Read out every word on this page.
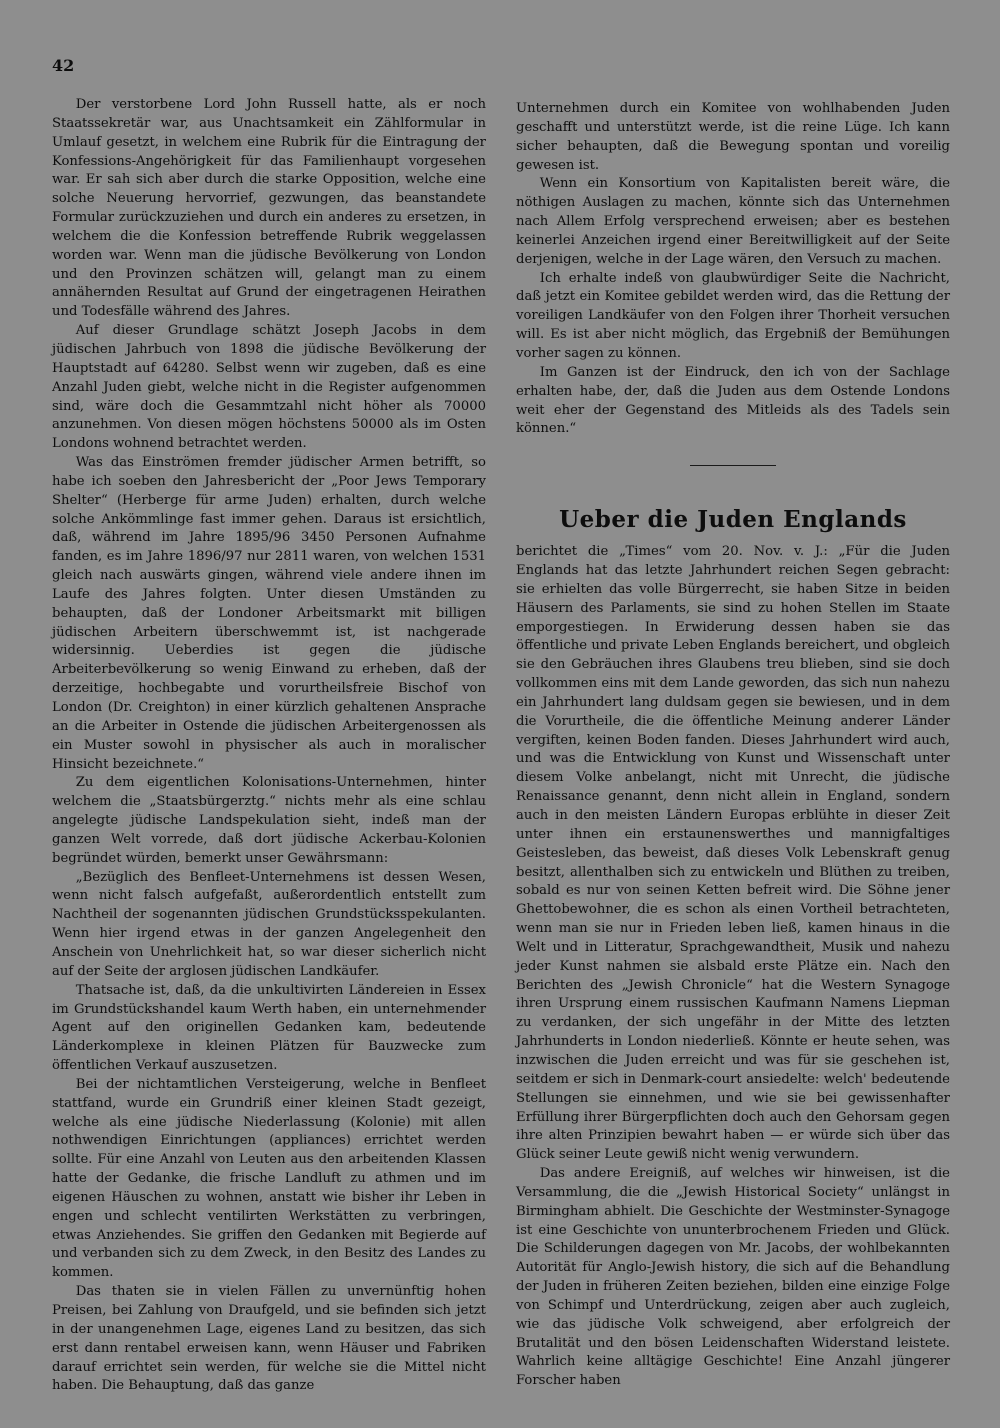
42

Der verstorbene Lord John Russell hatte, als er noch Staatssekretär war, aus Unachtsamkeit ein Zählformular in Umlauf gesetzt, in welchem eine Rubrik für die Eintragung der Konfessions-Angehörigkeit für das Familienhaupt vorgesehen war. Er sah sich aber durch die starke Opposition, welche eine solche Neuerung hervorrief, gezwungen, das beanstandete Formular zurückzuziehen und durch ein anderes zu ersetzen, in welchem die die Konfession betreffende Rubrik weggelassen worden war. Wenn man die jüdische Bevölkerung von London und den Provinzen schätzen will, gelangt man zu einem annähernden Resultat auf Grund der eingetragenen Heirathen und Todesfälle während des Jahres.

Auf dieser Grundlage schätzt Joseph Jacobs in dem jüdischen Jahrbuch von 1898 die jüdische Bevölkerung der Hauptstadt auf 64280. Selbst wenn wir zugeben, daß es eine Anzahl Juden giebt, welche nicht in die Register aufgenommen sind, wäre doch die Gesammtzahl nicht höher als 70000 anzunehmen. Von diesen mögen höchstens 50000 als im Osten Londons wohnend betrachtet werden.

Was das Einströmen fremder jüdischer Armen betrifft, so habe ich soeben den Jahresbericht der „Poor Jews Temporary Shelter“ (Herberge für arme Juden) erhalten, durch welche solche Ankömmlinge fast immer gehen. Daraus ist ersichtlich, daß, während im Jahre 1895/96 3450 Personen Aufnahme fanden, es im Jahre 1896/97 nur 2811 waren, von welchen 1531 gleich nach auswärts gingen, während viele andere ihnen im Laufe des Jahres folgten. Unter diesen Umständen zu behaupten, daß der Londoner Arbeitsmarkt mit billigen jüdischen Arbeitern überschwemmt ist, ist nachgerade widersinnig. Ueberdies ist gegen die jüdische Arbeiterbevölkerung so wenig Einwand zu erheben, daß der derzeitige, hochbegabte und vorurtheilsfreie Bischof von London (Dr. Creighton) in einer kürzlich gehaltenen Ansprache an die Arbeiter in Ostende die jüdischen Arbeitergenossen als ein Muster sowohl in physischer als auch in moralischer Hinsicht bezeichnete.“

Zu dem eigentlichen Kolonisations-Unternehmen, hinter welchem die „Staatsbürgerztg.“ nichts mehr als eine schlau angelegte jüdische Landspekulation sieht, indeß man der ganzen Welt vorrede, daß dort jüdische Ackerbau-Kolonien begründet würden, bemerkt unser Gewährsmann:

„Bezüglich des Benfleet-Unternehmens ist dessen Wesen, wenn nicht falsch aufgefaßt, außerordentlich entstellt zum Nachtheil der sogenannten jüdischen Grundstücksspekulanten. Wenn hier irgend etwas in der ganzen Angelegenheit den Anschein von Unehrlichkeit hat, so war dieser sicherlich nicht auf der Seite der arglosen jüdischen Landkäufer.

Thatsache ist, daß, da die unkultivirten Ländereien in Essex im Grundstückshandel kaum Werth haben, ein unternehmender Agent auf den originellen Gedanken kam, bedeutende Länderkomplexe in kleinen Plätzen für Bauzwecke zum öffentlichen Verkauf auszusetzen.

Bei der nichtamtlichen Versteigerung, welche in Benfleet stattfand, wurde ein Grundriß einer kleinen Stadt gezeigt, welche als eine jüdische Niederlassung (Kolonie) mit allen nothwendigen Einrichtungen (appliances) errichtet werden sollte. Für eine Anzahl von Leuten aus den arbeitenden Klassen hatte der Gedanke, die frische Landluft zu athmen und im eigenen Häuschen zu wohnen, anstatt wie bisher ihr Leben in engen und schlecht ventilirten Werkstätten zu verbringen, etwas Anziehendes. Sie griffen den Gedanken mit Begierde auf und verbanden sich zu dem Zweck, in den Besitz des Landes zu kommen.

Das thaten sie in vielen Fällen zu unvernünftig hohen Preisen, bei Zahlung von Draufgeld, und sie befinden sich jetzt in der unangenehmen Lage, eigenes Land zu besitzen, das sich erst dann rentabel erweisen kann, wenn Häuser und Fabriken darauf errichtet sein werden, für welche sie die Mittel nicht haben. Die Behauptung, daß das ganze

Unternehmen durch ein Komitee von wohlhabenden Juden geschafft und unterstützt werde, ist die reine Lüge. Ich kann sicher behaupten, daß die Bewegung spontan und voreilig gewesen ist.

Wenn ein Konsortium von Kapitalisten bereit wäre, die nöthigen Auslagen zu machen, könnte sich das Unternehmen nach Allem Erfolg versprechend erweisen; aber es bestehen keinerlei Anzeichen irgend einer Bereitwilligkeit auf der Seite derjenigen, welche in der Lage wären, den Versuch zu machen.

Ich erhalte indeß von glaubwürdiger Seite die Nachricht, daß jetzt ein Komitee gebildet werden wird, das die Rettung der voreiligen Landkäufer von den Folgen ihrer Thorheit versuchen will. Es ist aber nicht möglich, das Ergebniß der Bemühungen vorher sagen zu können.

Im Ganzen ist der Eindruck, den ich von der Sachlage erhalten habe, der, daß die Juden aus dem Ostende Londons weit eher der Gegenstand des Mitleids als des Tadels sein können.“

Ueber die Juden Englands

berichtet die „Times“ vom 20. Nov. v. J.: „Für die Juden Englands hat das letzte Jahrhundert reichen Segen gebracht: sie erhielten das volle Bürgerrecht, sie haben Sitze in beiden Häusern des Parlaments, sie sind zu hohen Stellen im Staate emporgestiegen. In Erwiderung dessen haben sie das öffentliche und private Leben Englands bereichert, und obgleich sie den Gebräuchen ihres Glaubens treu blieben, sind sie doch vollkommen eins mit dem Lande geworden, das sich nun nahezu ein Jahrhundert lang duldsam gegen sie bewiesen, und in dem die Vorurtheile, die die öffentliche Meinung anderer Länder vergiften, keinen Boden fanden. Dieses Jahrhundert wird auch, und was die Entwicklung von Kunst und Wissenschaft unter diesem Volke anbelangt, nicht mit Unrecht, die jüdische Renaissance genannt, denn nicht allein in England, sondern auch in den meisten Ländern Europas erblühte in dieser Zeit unter ihnen ein erstaunenswerthes und mannigfaltiges Geistesleben, das beweist, daß dieses Volk Lebenskraft genug besitzt, allenthalben sich zu entwickeln und Blüthen zu treiben, sobald es nur von seinen Ketten befreit wird. Die Söhne jener Ghettobewohner, die es schon als einen Vortheil betrachteten, wenn man sie nur in Frieden leben ließ, kamen hinaus in die Welt und in Litteratur, Sprachgewandtheit, Musik und nahezu jeder Kunst nahmen sie alsbald erste Plätze ein. Nach den Berichten des „Jewish Chronicle“ hat die Western Synagoge ihren Ursprung einem russischen Kaufmann Namens Liepman zu verdanken, der sich ungefähr in der Mitte des letzten Jahrhunderts in London niederließ. Könnte er heute sehen, was inzwischen die Juden erreicht und was für sie geschehen ist, seitdem er sich in Denmark-court ansiedelte: welch' bedeutende Stellungen sie einnehmen, und wie sie bei gewissenhafter Erfüllung ihrer Bürgerpflichten doch auch den Gehorsam gegen ihre alten Prinzipien bewahrt haben — er würde sich über das Glück seiner Leute gewiß nicht wenig verwundern.

Das andere Ereigniß, auf welches wir hinweisen, ist die Versammlung, die die „Jewish Historical Society“ unlängst in Birmingham abhielt. Die Geschichte der Westminster-Synagoge ist eine Geschichte von ununterbrochenem Frieden und Glück. Die Schilderungen dagegen von Mr. Jacobs, der wohlbekannten Autorität für Anglo-Jewish history, die sich auf die Behandlung der Juden in früheren Zeiten beziehen, bilden eine einzige Folge von Schimpf und Unterdrückung, zeigen aber auch zugleich, wie das jüdische Volk schweigend, aber erfolgreich der Brutalität und den bösen Leidenschaften Widerstand leistete. Wahrlich keine alltägige Geschichte! Eine Anzahl jüngerer Forscher haben
